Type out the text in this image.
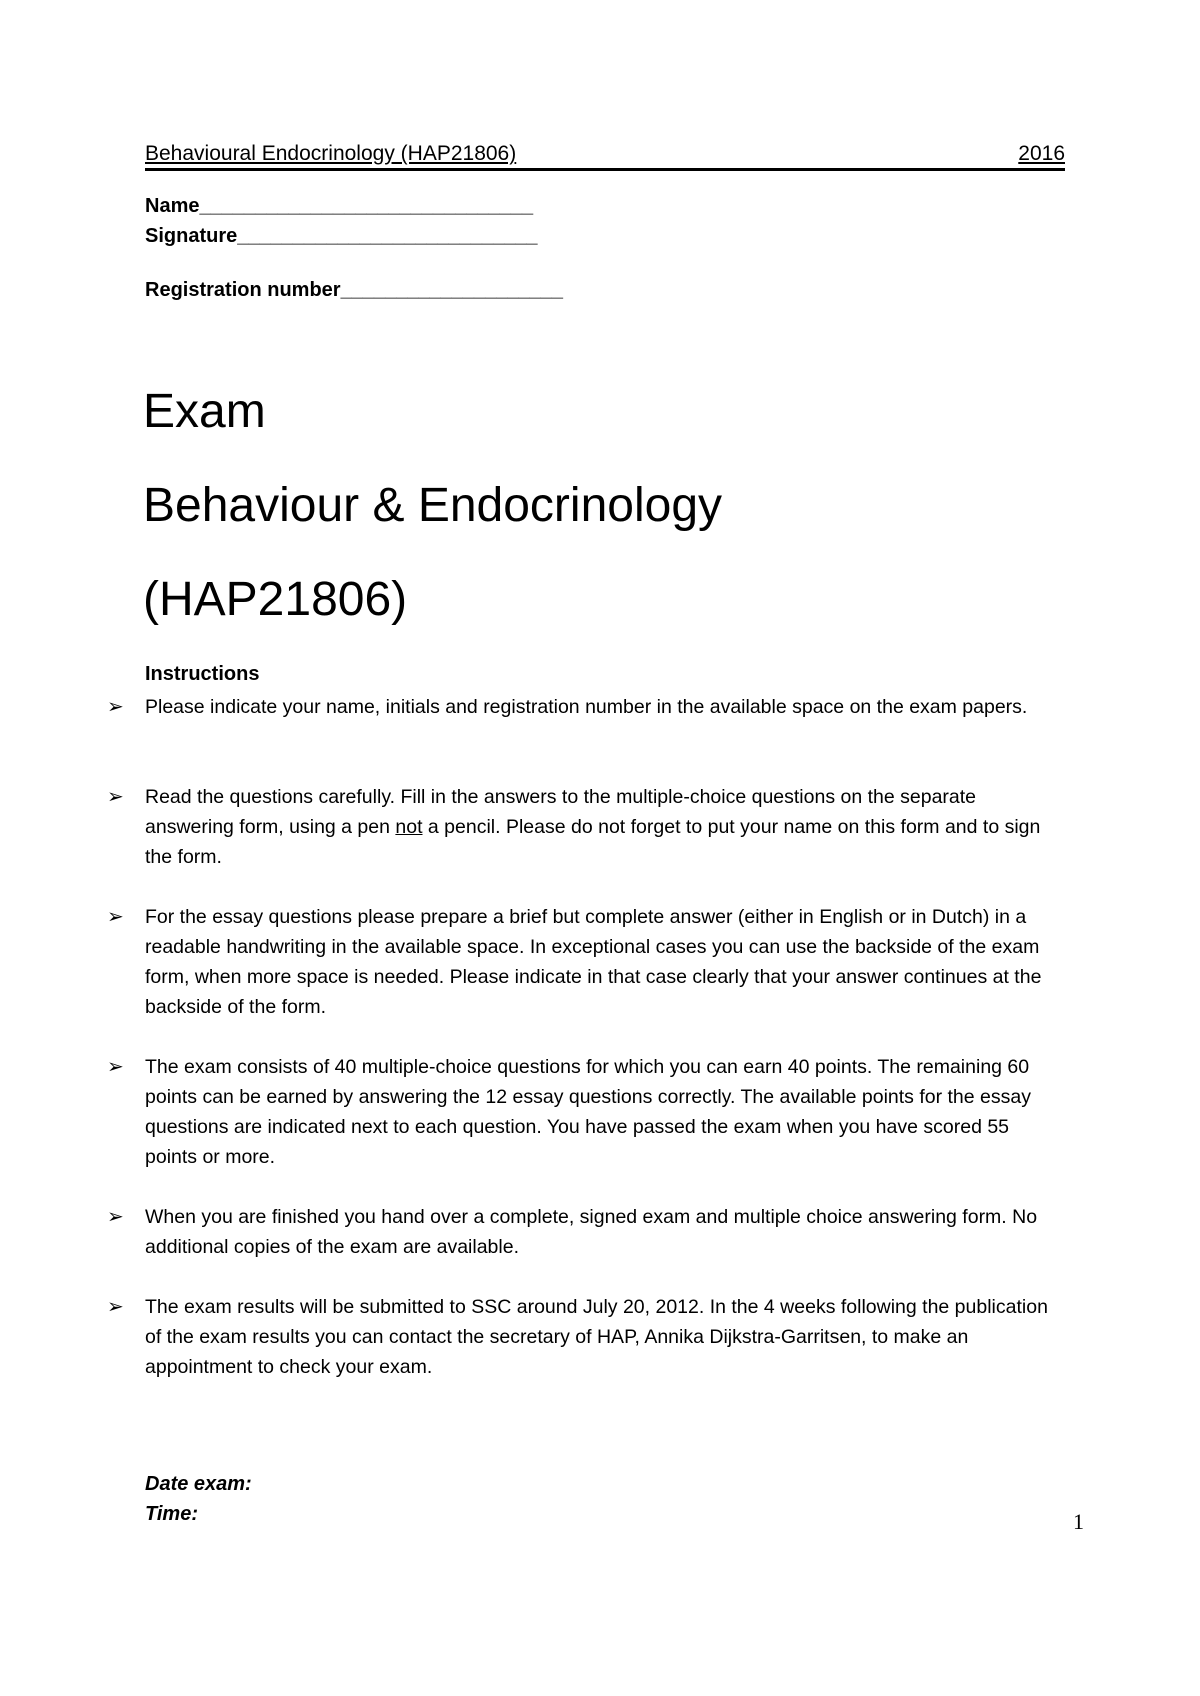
Behavioural Endocrinology (HAP21806)	2016
Name______________________________
Signature___________________________
Registration number____________________
Exam
Behaviour & Endocrinology
(HAP21806)
Instructions
➢ Please indicate your name, initials and registration number in the available space on the exam papers.
➢ Read the questions carefully. Fill in the answers to the multiple-choice questions on the separate answering form, using a pen not a pencil. Please do not forget to put your name on this form and to sign the form.
➢ For the essay questions please prepare a brief but complete answer (either in English or in Dutch) in a readable handwriting in the available space. In exceptional cases you can use the backside of the exam form, when more space is needed. Please indicate in that case clearly that your answer continues at the backside of the form.
➢ The exam consists of 40 multiple-choice questions for which you can earn 40 points. The remaining 60 points can be earned by answering the 12 essay questions correctly. The available points for the essay questions are indicated next to each question. You have passed the exam when you have scored 55 points or more.
➢ When you are finished you hand over a complete, signed exam and multiple choice answering form. No additional copies of the exam are available.
➢ The exam results will be submitted to SSC around July 20, 2012. In the 4 weeks following the publication of the exam results you can contact the secretary of HAP, Annika Dijkstra-Garritsen, to make an appointment to check your exam.
Date exam:
Time:	1
